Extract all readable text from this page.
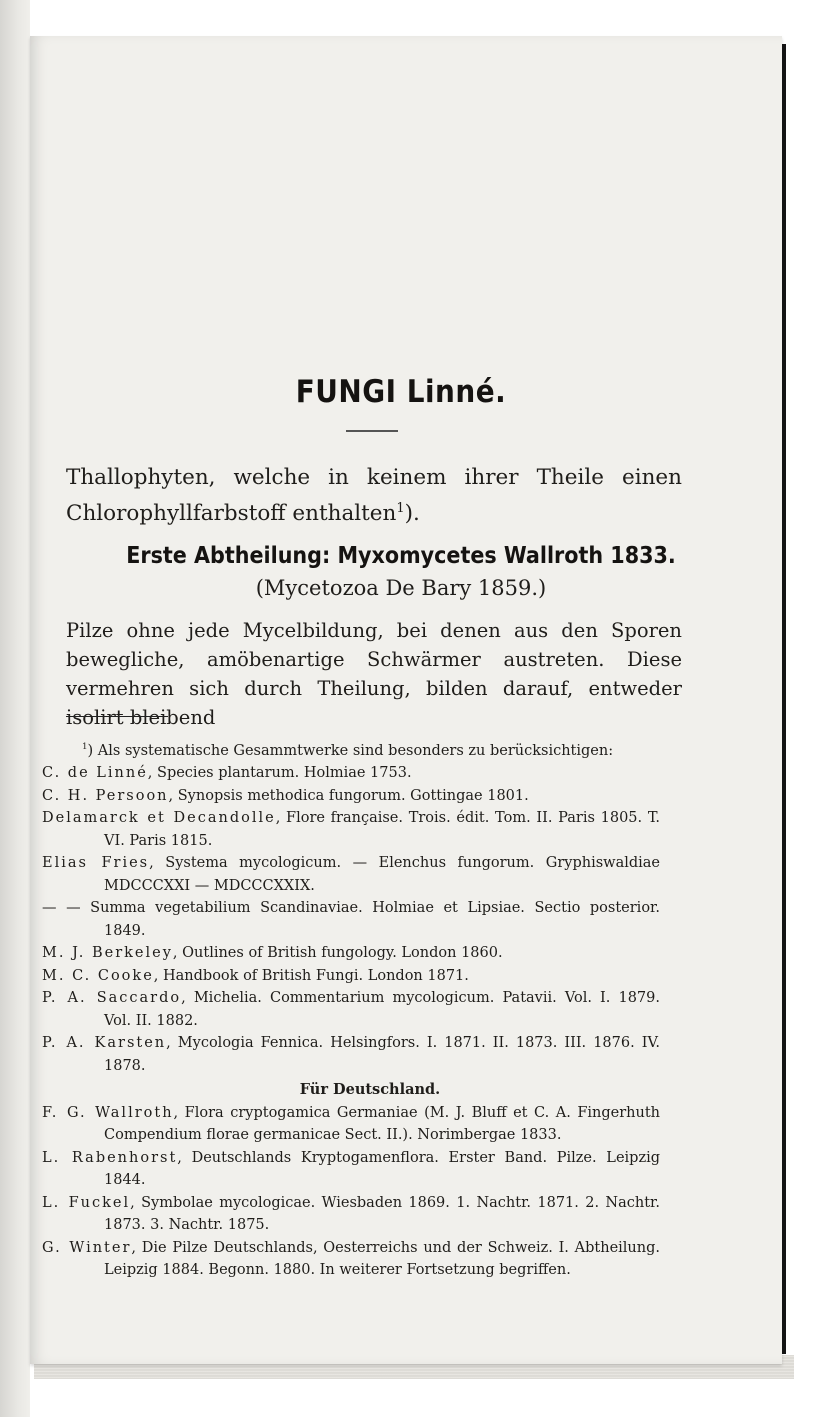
FUNGI Linné.
Thallophyten, welche in keinem ihrer Theile einen Chlorophyllfarbstoff enthalten$^1$).
Erste Abtheilung: Myxomycetes Wallroth 1833.
(Mycetozoa De Bary 1859.)
Pilze ohne jede Mycelbildung, bei denen aus den Sporen bewegliche, amöbenartige Schwärmer austreten. Diese vermehren sich durch Theilung, bilden darauf, entweder isolirt bleibend
$^1$) Als systematische Gesammtwerke sind besonders zu berücksichtigen:
C. de Linné, Species plantarum. Holmiae 1753.
C. H. Persoon, Synopsis methodica fungorum. Gottingae 1801.
Delamarck et Decandolle, Flore française. Trois. édit. Tom. II. Paris 1805. T. VI. Paris 1815.
Elias Fries, Systema mycologicum. — Elenchus fungorum. Gryphiswaldiae MDCCCXXI — MDCCCXXIX.
— — Summa vegetabilium Scandinaviae. Holmiae et Lipsiae. Sectio posterior. 1849.
M. J. Berkeley, Outlines of British fungology. London 1860.
M. C. Cooke, Handbook of British Fungi. London 1871.
P. A. Saccardo, Michelia. Commentarium mycologicum. Patavii. Vol. I. 1879. Vol. II. 1882.
P. A. Karsten, Mycologia Fennica. Helsingfors. I. 1871. II. 1873. III. 1876. IV. 1878.
Für Deutschland.
F. G. Wallroth, Flora cryptogamica Germaniae (M. J. Bluff et C. A. Fingerhuth Compendium florae germanicae Sect. II.). Norimbergae 1833.
L. Rabenhorst, Deutschlands Kryptogamenflora. Erster Band. Pilze. Leipzig 1844.
L. Fuckel, Symbolae mycologicae. Wiesbaden 1869. 1. Nachtr. 1871. 2. Nachtr. 1873. 3. Nachtr. 1875.
G. Winter, Die Pilze Deutschlands, Oesterreichs und der Schweiz. I. Abtheilung. Leipzig 1884. Begonn. 1880. In weiterer Fortsetzung begriffen.
